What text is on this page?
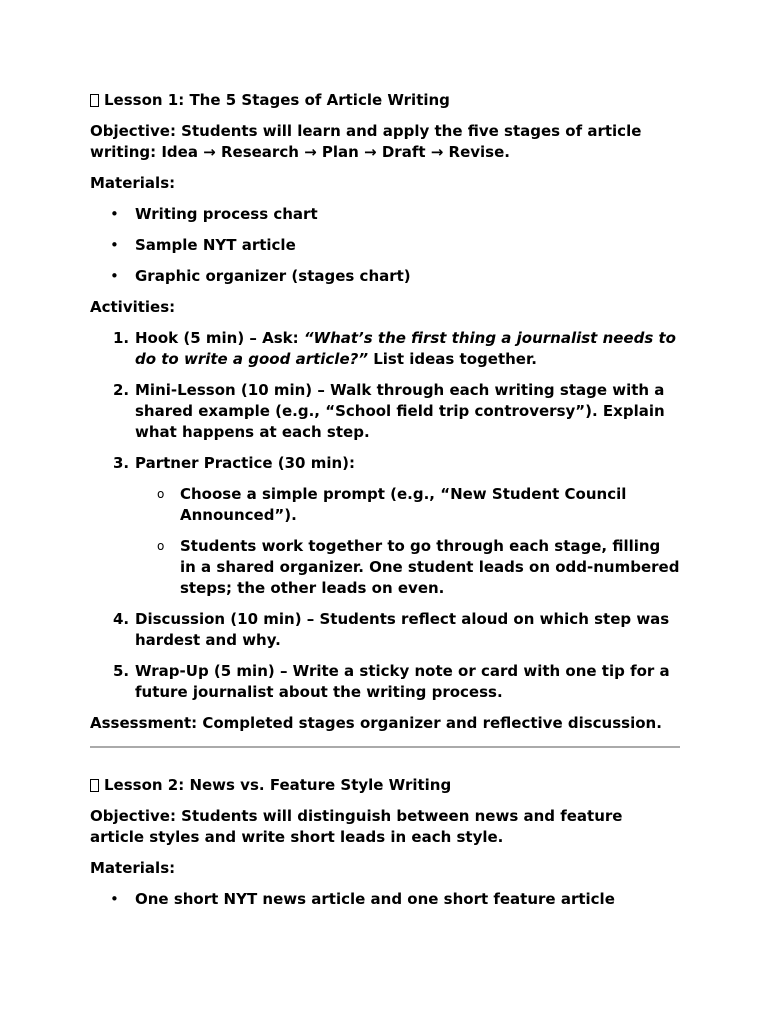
Lesson 1: The 5 Stages of Article Writing

Objective: Students will learn and apply the five stages of article writing: Idea → Research → Plan → Draft → Revise.

Materials:

• Writing process chart
• Sample NYT article
• Graphic organizer (stages chart)

Activities:

1. Hook (5 min) – Ask: “What’s the first thing a journalist needs to do to write a good article?” List ideas together.
2. Mini-Lesson (10 min) – Walk through each writing stage with a shared example (e.g., “School field trip controversy”). Explain what happens at each step.
3. Partner Practice (30 min):
o Choose a simple prompt (e.g., “New Student Council Announced”).
o Students work together to go through each stage, filling in a shared organizer. One student leads on odd-numbered steps; the other leads on even.
4. Discussion (10 min) – Students reflect aloud on which step was hardest and why.
5. Wrap-Up (5 min) – Write a sticky note or card with one tip for a future journalist about the writing process.

Assessment: Completed stages organizer and reflective discussion.

Lesson 2: News vs. Feature Style Writing

Objective: Students will distinguish between news and feature article styles and write short leads in each style.

Materials:

• One short NYT news article and one short feature article
